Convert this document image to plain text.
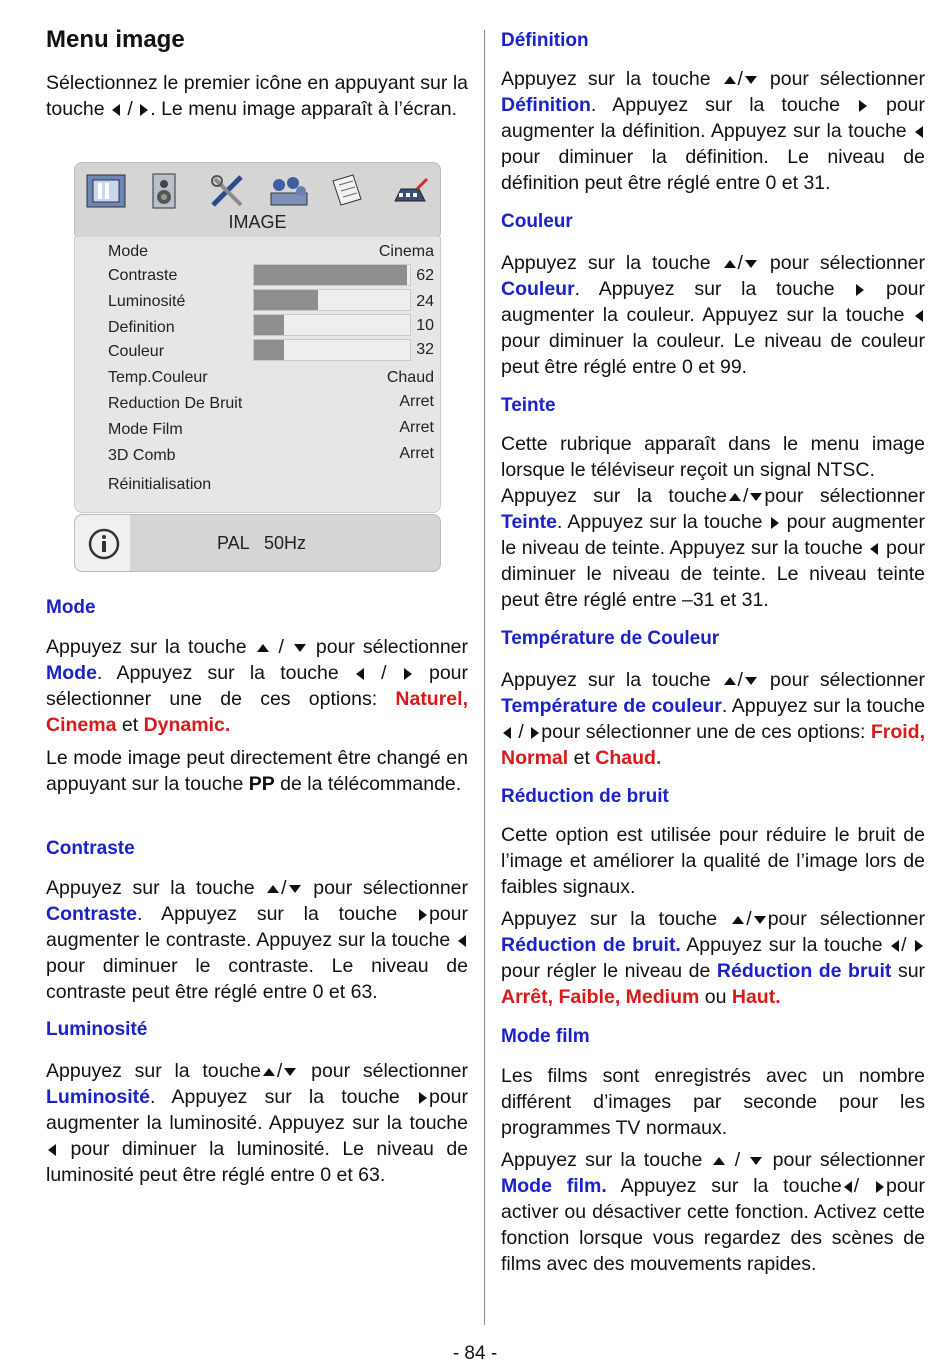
Menu image

Sélectionnez le premier icône en appuyant sur la touche / . Le menu image apparaît à l’écran.

IMAGE
Mode	Cinema
Contraste	62
Luminosité	24
Definition	10
Couleur	32
Temp.Couleur	Chaud
Reduction De Bruit	Arret
Mode Film	Arret
3D Comb	Arret
Réinitialisation
PAL   50Hz
Mode

Appuyez sur la touche / pour sélectionner Mode. Appuyez sur la touche / pour sélectionner une de ces options: Naturel, Cinema et Dynamic.

Le mode image peut directement être changé en appuyant sur la touche PP de la télécommande.

Contraste

Appuyez sur la touche / pour sélectionner Contraste. Appuyez sur la touche pour augmenter le contraste. Appuyez sur la touche  pour diminuer le contraste. Le niveau de contraste peut être réglé entre 0 et 63.

Luminosité

Appuyez sur la touche / pour sélectionner Luminosité. Appuyez sur la touche pour augmenter la luminosité. Appuyez sur la touche  pour diminuer la luminosité. Le niveau de luminosité peut être réglé entre 0 et 63.

Définition

Appuyez sur la touche / pour sélectionner Définition. Appuyez sur la touche pour augmenter la définition. Appuyez sur la touche  pour diminuer la définition. Le niveau de définition peut être réglé entre 0 et 31.

Couleur

Appuyez sur la touche / pour sélectionner Couleur. Appuyez sur la touche	pour augmenter la couleur. Appuyez sur la touche  pour diminuer la couleur. Le niveau de couleur peut être réglé entre 0 et 99.

Teinte

Cette rubrique apparaît dans le menu image lorsque le téléviseur reçoit un signal NTSC.

Appuyez sur la touche / pour sélectionner Teinte. Appuyez sur la touche pour augmenter le niveau de teinte. Appuyez sur la touche pour diminuer le niveau de teinte. Le niveau teinte peut être réglé entre –31 et 31.

Température de Couleur

Appuyez sur la touche / pour sélectionner Température de couleur. Appuyez sur la touche  / pour sélectionner une de ces options: Froid, Normal et Chaud.

Réduction de bruit

Cette option est utilisée pour réduire le bruit de l’image et améliorer la qualité de l’image lors de faibles signaux.

Appuyez sur la touche / pour sélectionner Réduction de bruit. Appuyez sur la touche / pour régler le niveau de Réduction de bruit sur Arrêt, Faible, Medium ou Haut.

Mode film

Les films sont enregistrés avec un nombre différent d’images par seconde pour les programmes TV normaux.

Appuyez sur la touche / pour sélectionner Mode film. Appuyez sur la touche / pour activer ou désactiver cette fonction. Activez cette fonction lorsque vous regardez des scènes de films avec des mouvements rapides.

- 84 -
